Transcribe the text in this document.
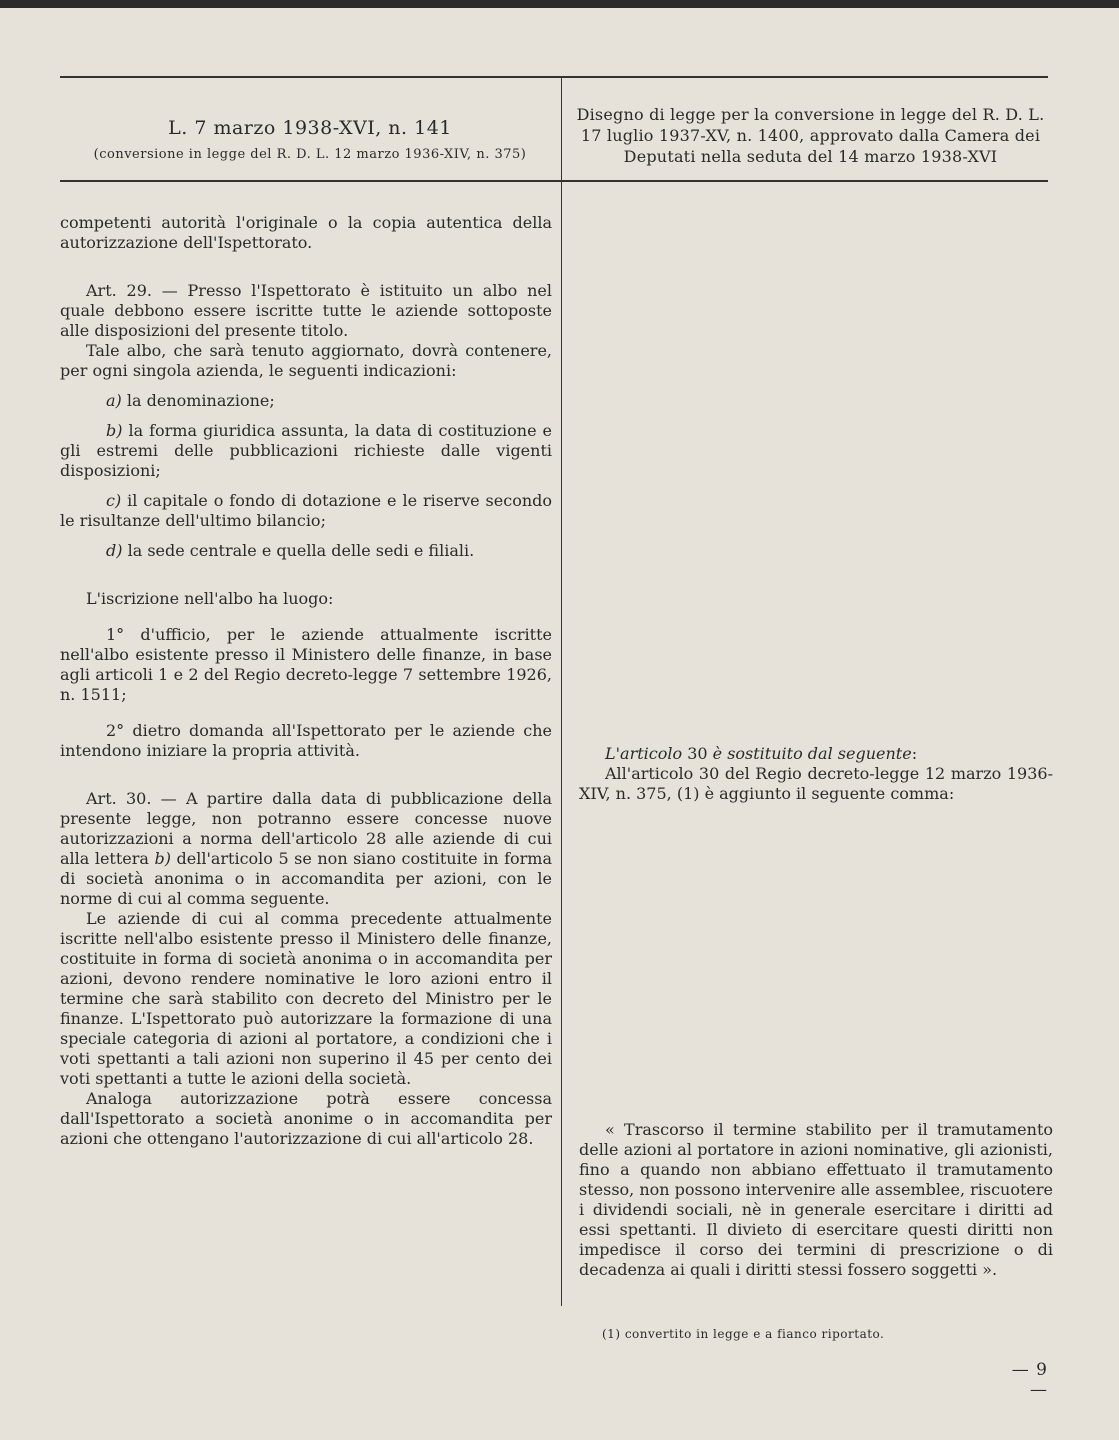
L. 7 marzo 1938-XVI, n. 141
(conversione in legge del R. D. L. 12 marzo 1936-XIV, n. 375)
Disegno di legge per la conversione in legge del R. D. L. 17 luglio 1937-XV, n. 1400, approvato dalla Camera dei Deputati nella seduta del 14 marzo 1938-XVI

competenti autorità l'originale o la copia autentica della autorizzazione dell'Ispettorato.

Art. 29. — Presso l'Ispettorato è istituito un albo nel quale debbono essere iscritte tutte le aziende sottoposte alle disposizioni del presente titolo.

Tale albo, che sarà tenuto aggiornato, dovrà contenere, per ogni singola azienda, le seguenti indicazioni:

a) la denominazione;

b) la forma giuridica assunta, la data di costituzione e gli estremi delle pubblicazioni richieste dalle vigenti disposizioni;

c) il capitale o fondo di dotazione e le riserve secondo le risultanze dell'ultimo bilancio;

d) la sede centrale e quella delle sedi e filiali.

L'iscrizione nell'albo ha luogo:

1° d'ufficio, per le aziende attualmente iscritte nell'albo esistente presso il Ministero delle finanze, in base agli articoli 1 e 2 del Regio decreto-legge 7 settembre 1926, n. 1511;

2° dietro domanda all'Ispettorato per le aziende che intendono iniziare la propria attività.

Art. 30. — A partire dalla data di pubblicazione della presente legge, non potranno essere concesse nuove autorizzazioni a norma dell'articolo 28 alle aziende di cui alla lettera b) dell'articolo 5 se non siano costituite in forma di società anonima o in accomandita per azioni, con le norme di cui al comma seguente.

Le aziende di cui al comma precedente attualmente iscritte nell'albo esistente presso il Ministero delle finanze, costituite in forma di società anonima o in accomandita per azioni, devono rendere nominative le loro azioni entro il termine che sarà stabilito con decreto del Ministro per le finanze. L'Ispettorato può autorizzare la formazione di una speciale categoria di azioni al portatore, a condizioni che i voti spettanti a tali azioni non superino il 45 per cento dei voti spettanti a tutte le azioni della società.

Analoga autorizzazione potrà essere concessa dall'Ispettorato a società anonime o in accomandita per azioni che ottengano l'autorizzazione di cui all'articolo 28.

L'articolo 30 è sostituito dal seguente:

All'articolo 30 del Regio decreto-legge 12 marzo 1936-XIV, n. 375, (1) è aggiunto il seguente comma:

« Trascorso il termine stabilito per il tramutamento delle azioni al portatore in azioni nominative, gli azionisti, fino a quando non abbiano effettuato il tramutamento stesso, non possono intervenire alle assemblee, riscuotere i dividendi sociali, nè in generale esercitare i diritti ad essi spettanti. Il divieto di esercitare questi diritti non impedisce il corso dei termini di prescrizione o di decadenza ai quali i diritti stessi fossero soggetti ».

(1) convertito in legge e a fianco riportato.
— 9 —
